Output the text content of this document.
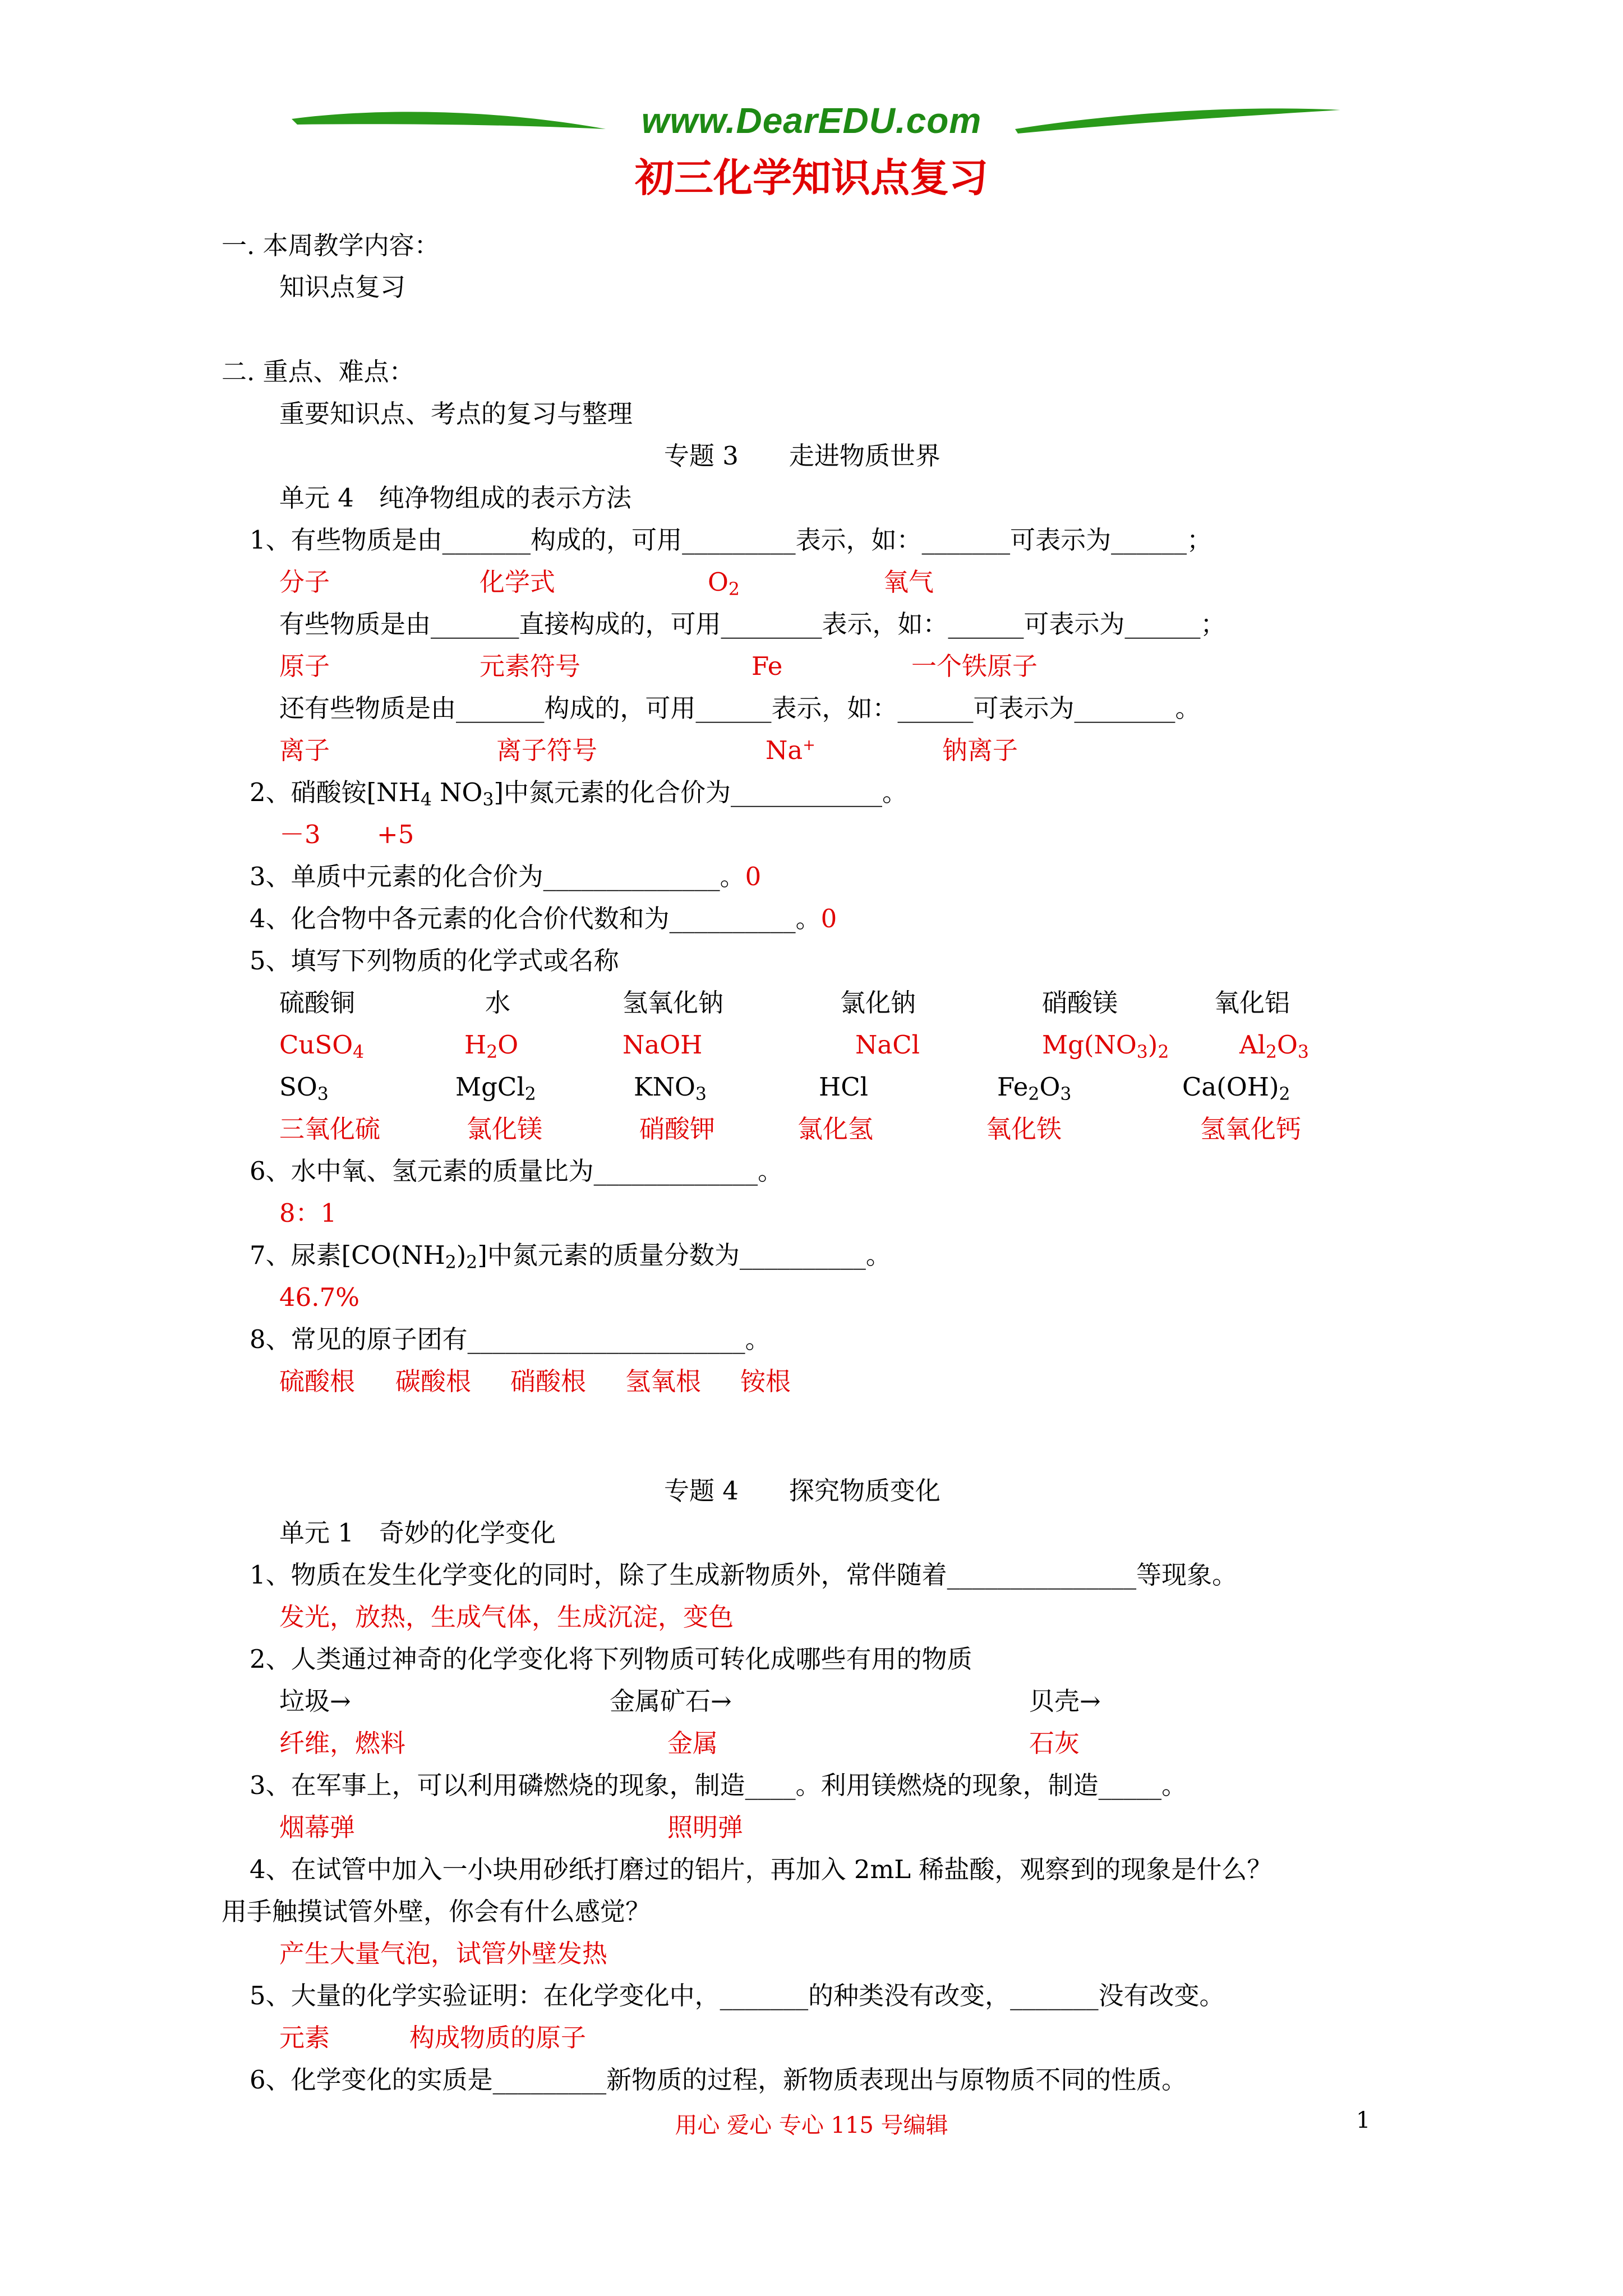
www.DearEDU.com
初三化学知识点复习
一. 本周教学内容：
知识点复习
二. 重点、难点：
重要知识点、考点的复习与整理
专题 3　　走进物质世界
单元 4　纯净物组成的表示方法
1、有些物质是由_______构成的，可用_________表示，如：_______可表示为______；
分子	化学式	$O_2$	氧气
有些物质是由_______直接构成的，可用________表示，如：______可表示为______；
原子	元素符号	Fe	一个铁原子
还有些物质是由_______构成的，可用______表示，如：______可表示为________。
离子	离子符号	Na+	钠离子
2、硝酸铵[$NH_4$ $NO_3$]中氮元素的化合价为____________。
－3 +5
3、单质中元素的化合价为______________。0
4、化合物中各元素的化合价代数和为__________。0
5、填写下列物质的化学式或名称
硫酸铜	水	氢氧化钠	氯化钠	硝酸镁	氧化铝
CuSO$_4$	$H_2O$	NaOH	NaCl	$Mg(NO_3)_2$	$Al_2O_3$
$SO_3$	MgCl$_2$	$KNO_3$	HCl	$Fe_2O_3$	$Ca(OH)_2$
三氧化硫	氯化镁	硝酸钾	氯化氢	氧化铁	氢氧化钙
6、水中氧、氢元素的质量比为_____________。
8：1
7、尿素$[CO(NH_2)_2]$中氮元素的质量分数为__________。
46.7%
8、常见的原子团有______________________。
硫酸根 碳酸根 硝酸根 氢氧根 铵根
专题 4　　探究物质变化
单元 1　奇妙的化学变化
1、物质在发生化学变化的同时，除了生成新物质外，常伴随着_______________等现象。
发光，放热，生成气体，生成沉淀，变色
2、人类通过神奇的化学变化将下列物质可转化成哪些有用的物质
垃圾→	金属矿石→	贝壳→
纤维，燃料	金属	石灰
3、在军事上，可以利用磷燃烧的现象，制造____。利用镁燃烧的现象，制造_____。
烟幕弹	照明弹
4、在试管中加入一小块用砂纸打磨过的铝片，再加入 2mL 稀盐酸，观察到的现象是什么？
用手触摸试管外壁，你会有什么感觉？
产生大量气泡，试管外壁发热
5、大量的化学实验证明：在化学变化中，_______的种类没有改变，_______没有改变。
元素	构成物质的原子
6、化学变化的实质是_________新物质的过程，新物质表现出与原物质不同的性质。
用心 爱心 专心 115 号编辑	1
